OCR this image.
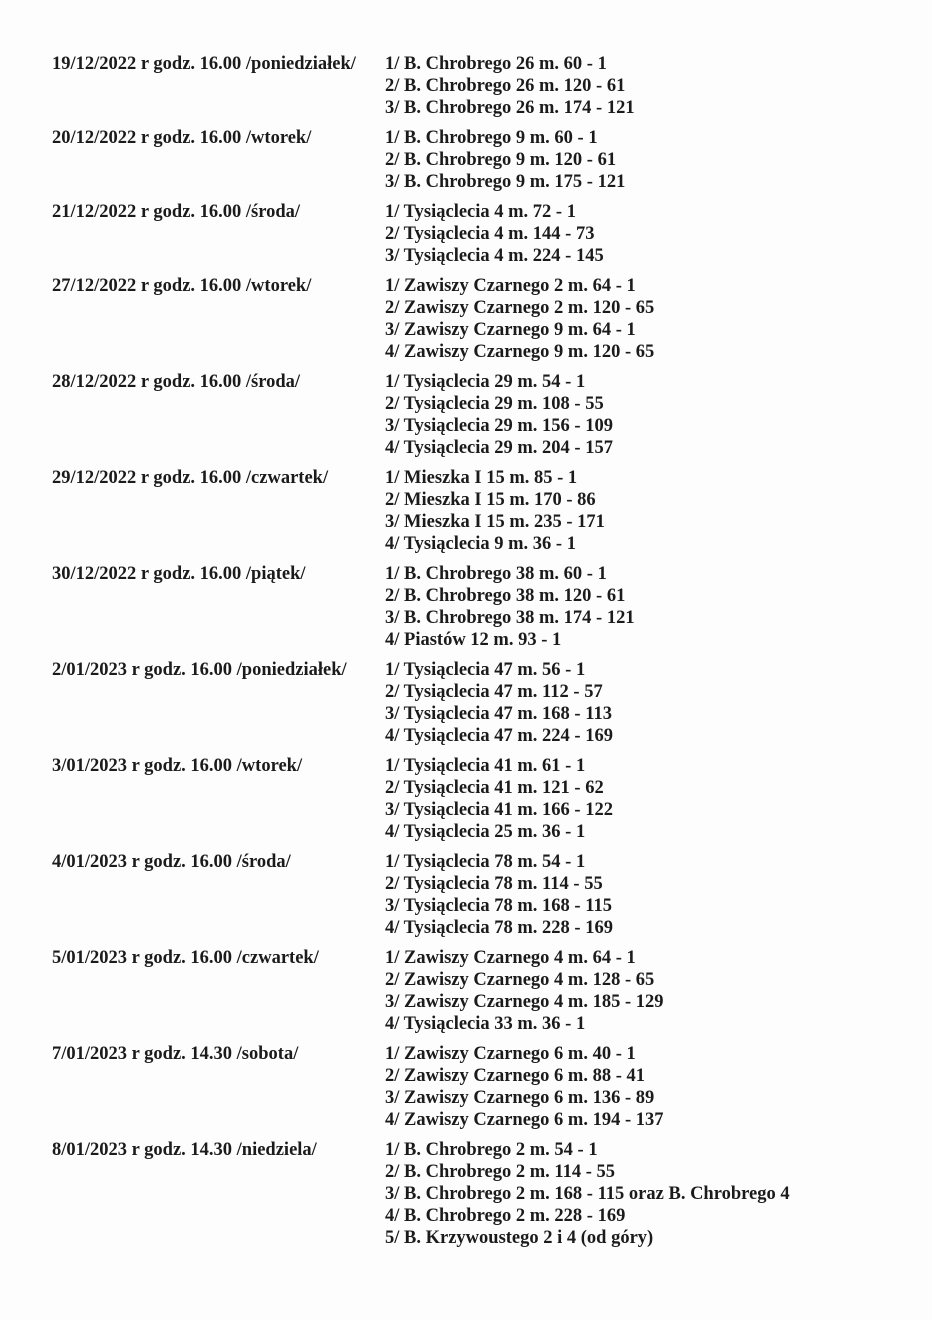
19/12/2022 r godz. 16.00 /poniedziałek/	1/ B. Chrobrego 26 m. 60 - 1
2/ B. Chrobrego 26 m. 120 - 61
3/ B. Chrobrego 26 m. 174 - 121
20/12/2022 r godz. 16.00 /wtorek/	1/ B. Chrobrego 9 m. 60 - 1
2/ B. Chrobrego 9 m. 120 - 61
3/ B. Chrobrego 9 m. 175 - 121
21/12/2022 r godz. 16.00 /środa/	1/ Tysiąclecia 4 m. 72 - 1
2/ Tysiąclecia 4 m. 144 - 73
3/ Tysiąclecia 4 m. 224 - 145
27/12/2022 r godz. 16.00 /wtorek/	1/ Zawiszy Czarnego 2 m. 64 - 1
2/ Zawiszy Czarnego 2 m. 120 - 65
3/ Zawiszy Czarnego 9 m. 64 - 1
4/ Zawiszy Czarnego 9 m. 120 - 65
28/12/2022 r godz. 16.00 /środa/	1/ Tysiąclecia 29 m. 54 - 1
2/ Tysiąclecia 29 m. 108 - 55
3/ Tysiąclecia 29 m. 156 - 109
4/ Tysiąclecia 29 m. 204 - 157
29/12/2022 r godz. 16.00 /czwartek/	1/ Mieszka I 15 m. 85 - 1
2/ Mieszka I 15 m. 170 - 86
3/ Mieszka I 15 m. 235 - 171
4/ Tysiąclecia 9 m. 36 - 1
30/12/2022 r godz. 16.00 /piątek/	1/ B. Chrobrego 38 m. 60 - 1
2/ B. Chrobrego 38 m. 120 - 61
3/ B. Chrobrego 38 m. 174 - 121
4/ Piastów 12 m. 93 - 1
2/01/2023 r godz. 16.00 /poniedziałek/	1/ Tysiąclecia 47 m. 56 - 1
2/ Tysiąclecia 47 m. 112 - 57
3/ Tysiąclecia 47 m. 168 - 113
4/ Tysiąclecia 47 m. 224 - 169
3/01/2023 r godz. 16.00 /wtorek/	1/ Tysiąclecia 41 m. 61 - 1
2/ Tysiąclecia 41 m. 121 - 62
3/ Tysiąclecia 41 m. 166 - 122
4/ Tysiąclecia 25 m. 36 - 1
4/01/2023 r godz. 16.00 /środa/	1/ Tysiąclecia 78 m. 54 - 1
2/ Tysiąclecia 78 m. 114 - 55
3/ Tysiąclecia 78 m. 168 - 115
4/ Tysiąclecia 78 m. 228 - 169
5/01/2023 r godz. 16.00 /czwartek/	1/ Zawiszy Czarnego 4 m. 64 - 1
2/ Zawiszy Czarnego 4 m. 128 - 65
3/ Zawiszy Czarnego 4 m. 185 - 129
4/ Tysiąclecia 33 m. 36 - 1
7/01/2023 r godz. 14.30 /sobota/	1/ Zawiszy Czarnego 6 m. 40 - 1
2/ Zawiszy Czarnego 6 m. 88 - 41
3/ Zawiszy Czarnego 6 m. 136 - 89
4/ Zawiszy Czarnego 6 m. 194 - 137
8/01/2023 r godz. 14.30 /niedziela/	1/ B. Chrobrego 2 m. 54 - 1
2/ B. Chrobrego 2 m. 114 - 55
3/ B. Chrobrego 2 m. 168 - 115 oraz B. Chrobrego 4
4/ B. Chrobrego 2 m. 228 - 169
5/ B. Krzywoustego 2 i 4 (od góry)
